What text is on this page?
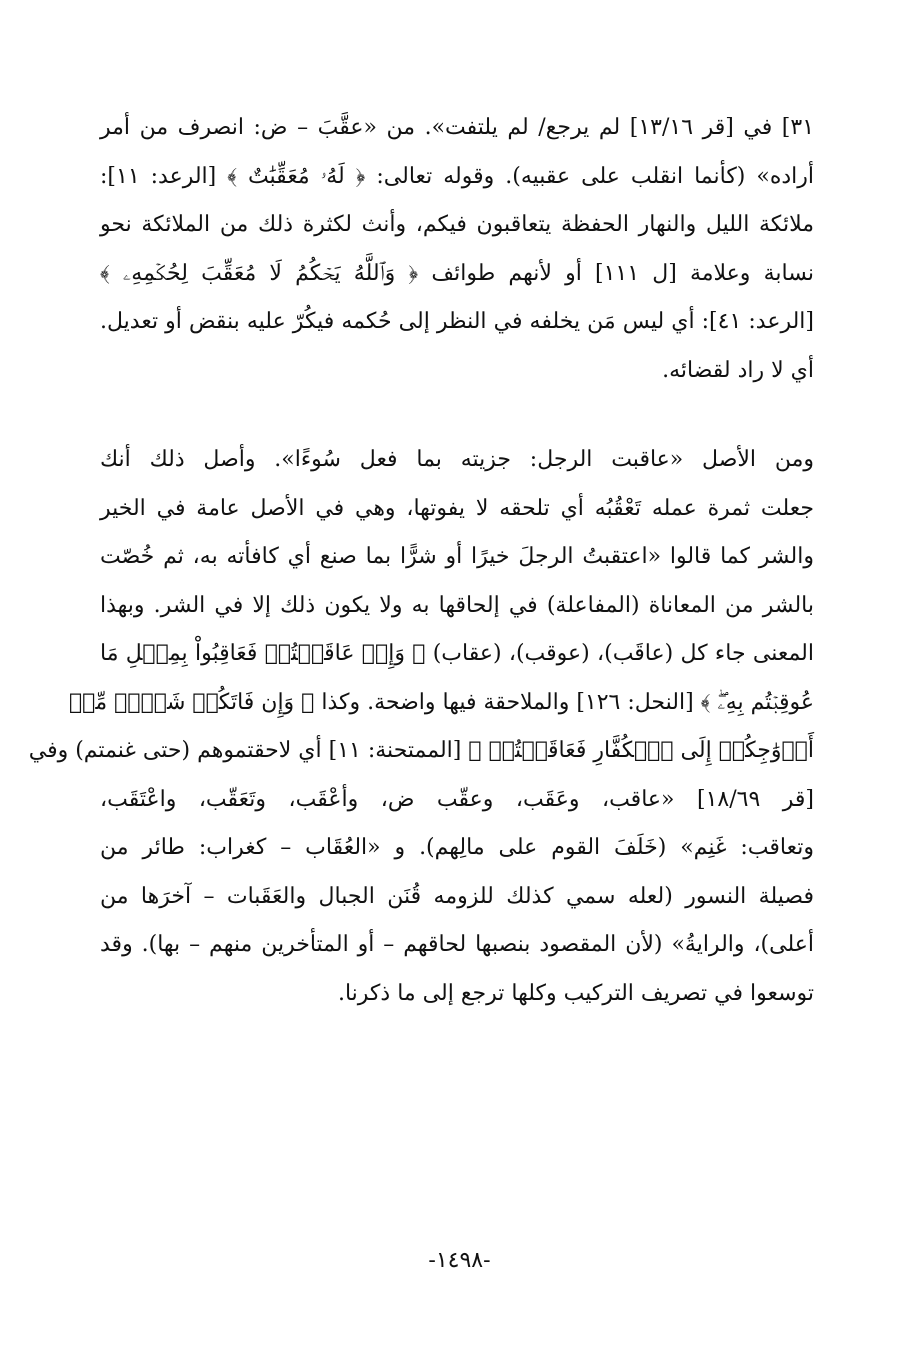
٣١] في [قر ١٣/١٦] لم يرجع/ لم يلتفت». من «عقَّبَ – ض: انصرف من أمر
أراده» (كأنما انقلب على عقبيه). وقوله تعالى: ﴿ لَهُۥ مُعَقِّبَٰتٌ ﴾ [الرعد: ١١]:
ملائكة الليل والنهار الحفظة يتعاقبون فيكم، وأنث لكثرة ذلك من الملائكة نحو
نسابة وعلامة [ل ١١١] أو لأنهم طوائف ﴿ وَٱللَّهُ يَحۡكُمُ لَا مُعَقِّبَ لِحُكۡمِهِۦ ﴾
[الرعد: ٤١]: أي ليس مَن يخلفه في النظر إلى حُكمه فيكُرّ عليه بنقض أو تعديل.
أي لا راد لقضائه.
ومن الأصل «عاقبت الرجل: جزيته بما فعل سُوءًا». وأصل ذلك أنك
جعلت ثمرة عمله تَعْقُبُه أي تلحقه لا يفوتها، وهي في الأصل عامة في الخير
والشر كما قالوا «اعتقبتُ الرجلَ خيرًا أو شرًّا بما صنع أي كافأته به، ثم خُصّت
بالشر من المعاناة (المفاعلة) في إلحاقها به ولا يكون ذلك إلا في الشر. وبهذا
المعنى جاء كل (عاقَب)، (عوقب)، (عقاب) ﴿ وَإِنۡ عَاقَبۡتُمۡ فَعَاقِبُواْ بِمِثۡلِ مَا
عُوقِبۡتُم بِهِۦۖ ﴾ [النحل: ١٢٦] والملاحقة فيها واضحة. وكذا ﴿ وَإِن فَاتَكُمۡ شَيۡءٞ مِّنۡ
أَزۡوَٰجِكُمۡ إِلَى ٱلۡكُفَّارِ فَعَاقَبۡتُمۡ ﴾ [الممتحنة: ١١] أي لاحقتموهم (حتى غنمتم) وفي
[قر ١٨/٦٩] «عاقب، وعَقَب، وعقّب ض، وأعْقَب، وتَعَقّب، واعْتَقَب،
وتعاقب: غَنِم» (خَلَفَ القوم على مالِهم). و «العُقَاب – كغراب: طائر من
فصيلة النسور (لعله سمي كذلك للزومه قُنَن الجبال والعَقَبات – آخرَها من
أعلى)، والرايةُ» (لأن المقصود بنصبها لحاقهم – أو المتأخرين منهم – بها). وقد
توسعوا في تصريف التركيب وكلها ترجع إلى ما ذكرنا.
-١٤٩٨-
